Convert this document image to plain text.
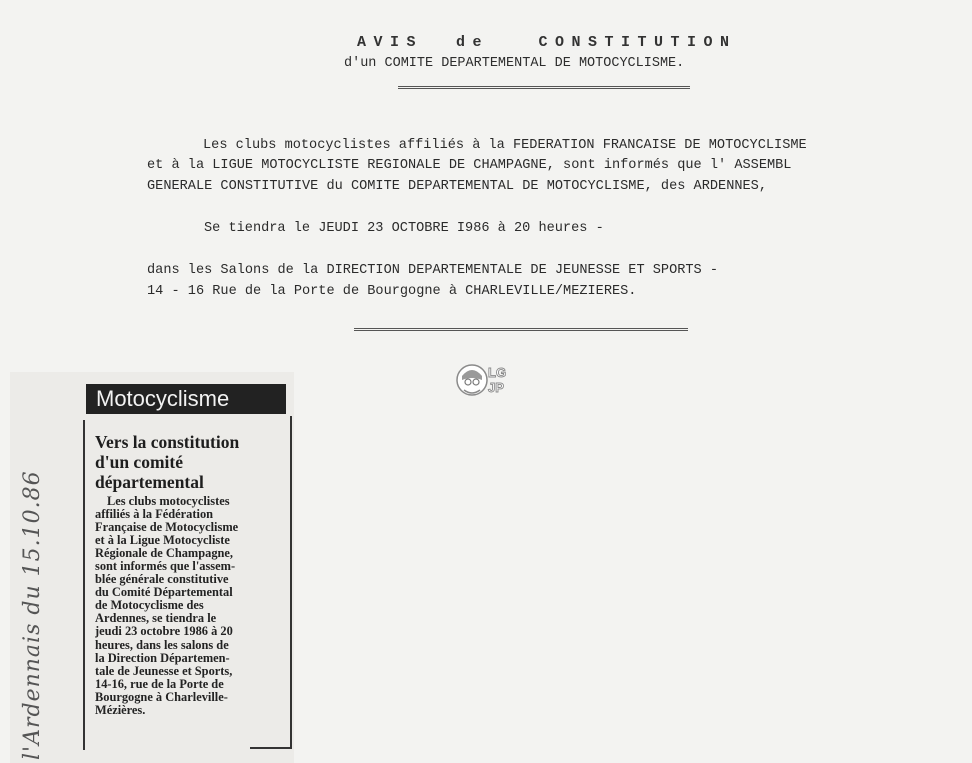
AVIS  de   CONSTITUTION
d'un COMITE DEPARTEMENTAL DE MOTOCYCLISME.
Les clubs motocyclistes affiliés à la FEDERATION FRANCAISE DE MOTOCYCLISME
et à la LIGUE MOTOCYCLISTE REGIONALE DE CHAMPAGNE, sont informés que l' ASSEMBL
GENERALE CONSTITUTIVE du COMITE DEPARTEMENTAL DE MOTOCYCLISME, des ARDENNES,
Se tiendra le JEUDI 23 OCTOBRE I986 à 20 heures -
dans les Salons de la DIRECTION DEPARTEMENTALE DE JEUNESSE ET SPORTS -
14 - 16 Rue de la Porte de Bourgogne à CHARLEVILLE/MEZIERES.
LG
JP
l'Ardennais du 15.10.86
Motocyclisme
Vers la constitution
d'un comité
départemental
Les clubs motocyclistes
affiliés à la Fédération
Française de Motocyclisme
et à la Ligue Motocycliste
Régionale de Champagne,
sont informés que l'assem-
blée générale constitutive
du Comité Départemental
de Motocyclisme des
Ardennes, se tiendra le
jeudi 23 octobre 1986 à 20
heures, dans les salons de
la Direction Départemen-
tale de Jeunesse et Sports,
14-16, rue de la Porte de
Bourgogne à Charleville-
Mézières.
